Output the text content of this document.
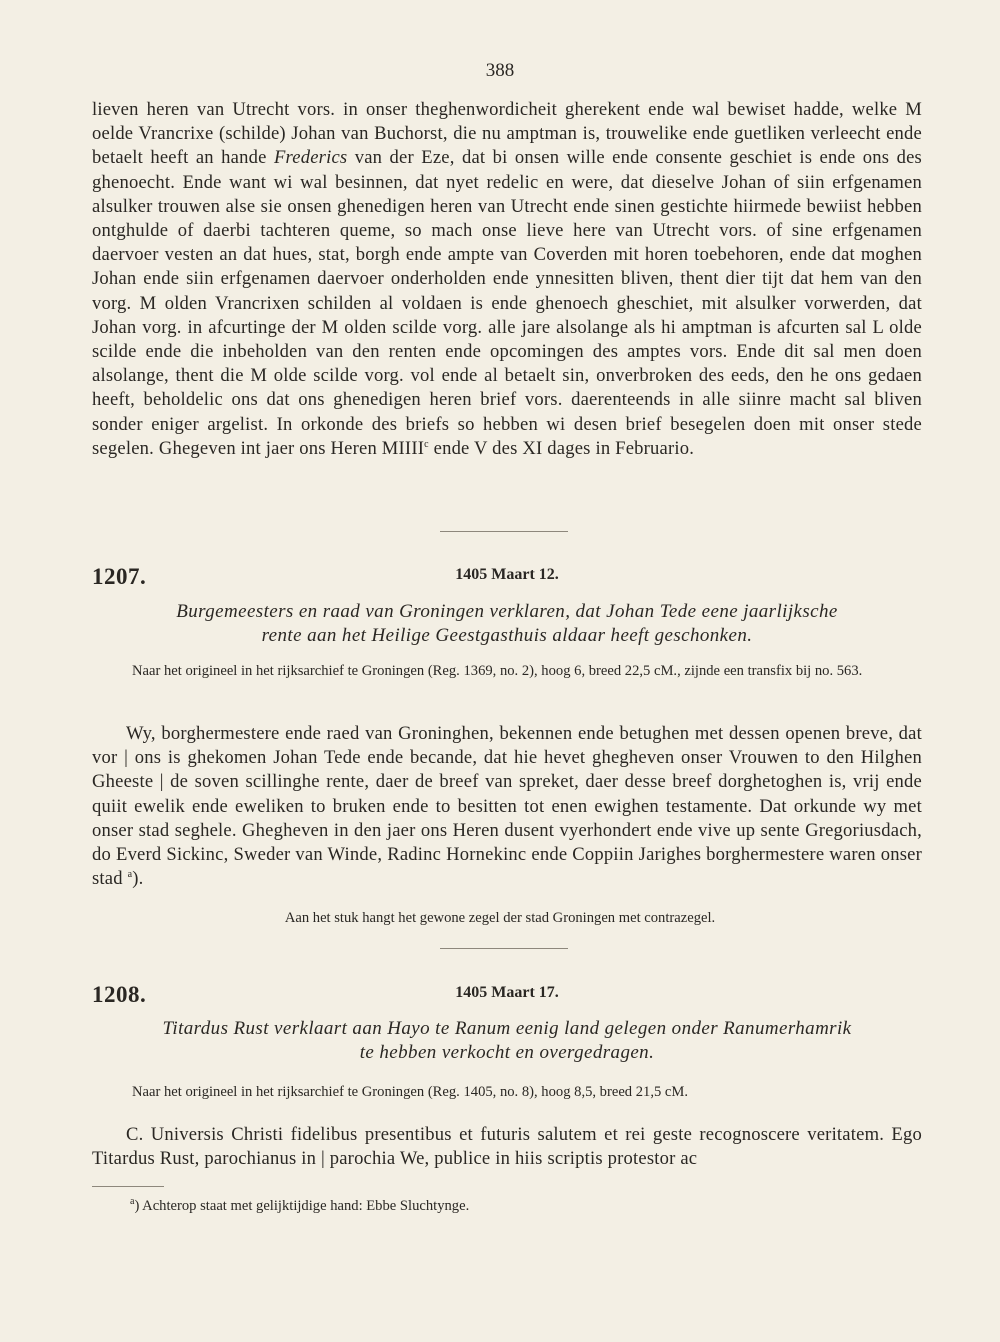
388

lieven heren van Utrecht vors. in onser theghenwordicheit gherekent ende wal bewiset hadde, welke M oelde Vrancrixe (schilde) Johan van Buchorst, die nu amptman is, trouwelike ende guetliken verleecht ende betaelt heeft an hande Frederics van der Eze, dat bi onsen wille ende consente geschiet is ende ons des ghenoecht. Ende want wi wal besinnen, dat nyet redelic en were, dat dieselve Johan of siin erfgenamen alsulker trouwen alse sie onsen ghenedigen heren van Utrecht ende sinen gestichte hiirmede bewiist hebben ontghulde of daerbi tachteren queme, so mach onse lieve here van Utrecht vors. of sine erfgenamen daervoer vesten an dat hues, stat, borgh ende ampte van Coverden mit horen toebehoren, ende dat moghen Johan ende siin erfgenamen daervoer onderholden ende ynnesitten bliven, thent dier tijt dat hem van den vorg. M olden Vrancrixen schilden al voldaen is ende ghenoech gheschiet, mit alsulker vorwerden, dat Johan vorg. in afcurtinge der M olden scilde vorg. alle jare alsolange als hi amptman is afcurten sal L olde scilde ende die inbeholden van den renten ende opcomingen des amptes vors. Ende dit sal men doen alsolange, thent die M olde scilde vorg. vol ende al betaelt sin, onverbroken des eeds, den he ons gedaen heeft, beholdelic ons dat ons ghenedigen heren brief vors. daerenteends in alle siinre macht sal bliven sonder eniger argelist. In orkonde des briefs so hebben wi desen brief besegelen doen mit onser stede segelen. Ghegeven int jaer ons Heren MIIII$^c$ ende V des XI dages in Februario.

1207.	1405 Maart 12.
Burgemeesters en raad van Groningen verklaren, dat Johan Tede eene jaarlijksche
rente aan het Heilige Geestgasthuis aldaar heeft geschonken.
Naar het origineel in het rijksarchief te Groningen (Reg. 1369, no. 2), hoog 6, breed 22,5 cM., zijnde een transfix bij no. 563.

Wy, borghermestere ende raed van Groninghen, bekennen ende betughen met dessen openen breve, dat vor | ons is ghekomen Johan Tede ende becande, dat hie hevet ghegheven onser Vrouwen to den Hilghen Gheeste | de soven scillinghe rente, daer de breef van spreket, daer desse breef dorghetoghen is, vrij ende quiit ewelik ende eweliken to bruken ende to besitten tot enen ewighen testamente. Dat orkunde wy met onser stad seghele. Ghegheven in den jaer ons Heren dusent vyerhondert ende vive up sente Gregoriusdach, do Everd Sickinc, Sweder van Winde, Radinc Hornekinc ende Coppiin Jarighes borghermestere waren onser stad $^a$).

Aan het stuk hangt het gewone zegel der stad Groningen met contrazegel.
1208.	1405 Maart 17.
Titardus Rust verklaart aan Hayo te Ranum eenig land gelegen onder Ranumerhamrik
te hebben verkocht en overgedragen.
Naar het origineel in het rijksarchief te Groningen (Reg. 1405, no. 8), hoog 8,5, breed 21,5 cM.

C. Universis Christi fidelibus presentibus et futuris salutem et rei geste recognoscere veritatem. Ego Titardus Rust, parochianus in | parochia We, publice in hiis scriptis protestor ac

$^a$) Achterop staat met gelijktijdige hand: Ebbe Sluchtynge.
